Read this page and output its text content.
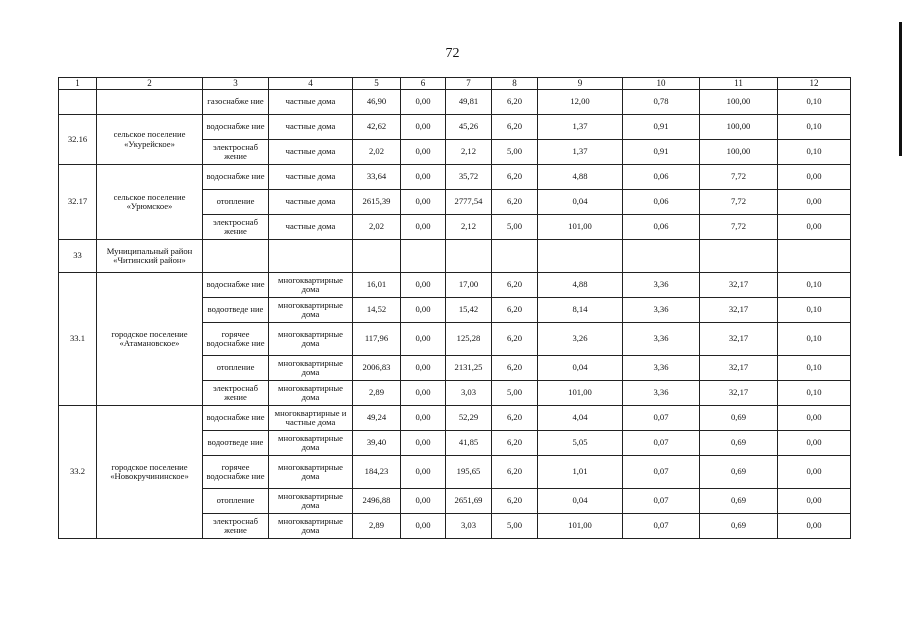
72
1	2	3	4	5	6	7	8	9	10	11	12
		газоснабже ние	частные дома	46,90	0,00	49,81	6,20	12,00	0,78	100,00	0,10
32.16	сельское поселение «Укурейское»	водоснабже ние	частные дома	42,62	0,00	45,26	6,20	1,37	0,91	100,00	0,10
		электроснаб жение	частные дома	2,02	0,00	2,12	5,00	1,37	0,91	100,00	0,10
32.17	сельское поселение «Урюмское»	водоснабже ние	частные дома	33,64	0,00	35,72	6,20	4,88	0,06	7,72	0,00
		отопление	частные дома	2615,39	0,00	2777,54	6,20	0,04	0,06	7,72	0,00
		электроснаб жение	частные дома	2,02	0,00	2,12	5,00	101,00	0,06	7,72	0,00
33	Муниципальный район «Читинский район»										
33.1	городское поселение «Атамановское»	водоснабже ние	многоквартирные дома	16,01	0,00	17,00	6,20	4,88	3,36	32,17	0,10
		водоотведе ние	многоквартирные дома	14,52	0,00	15,42	6,20	8,14	3,36	32,17	0,10
		горячее водоснабже ние	многоквартирные дома	117,96	0,00	125,28	6,20	3,26	3,36	32,17	0,10
		отопление	многоквартирные дома	2006,83	0,00	2131,25	6,20	0,04	3,36	32,17	0,10
		электроснаб жение	многоквартирные дома	2,89	0,00	3,03	5,00	101,00	3,36	32,17	0,10
33.2	городское поселение «Новокручининское»	водоснабже ние	многоквартирные и частные дома	49,24	0,00	52,29	6,20	4,04	0,07	0,69	0,00
		водоотведе ние	многоквартирные дома	39,40	0,00	41,85	6,20	5,05	0,07	0,69	0,00
		горячее водоснабже ние	многоквартирные дома	184,23	0,00	195,65	6,20	1,01	0,07	0,69	0,00
		отопление	многоквартирные дома	2496,88	0,00	2651,69	6,20	0,04	0,07	0,69	0,00
		электроснаб жение	многоквартирные дома	2,89	0,00	3,03	5,00	101,00	0,07	0,69	0,00
